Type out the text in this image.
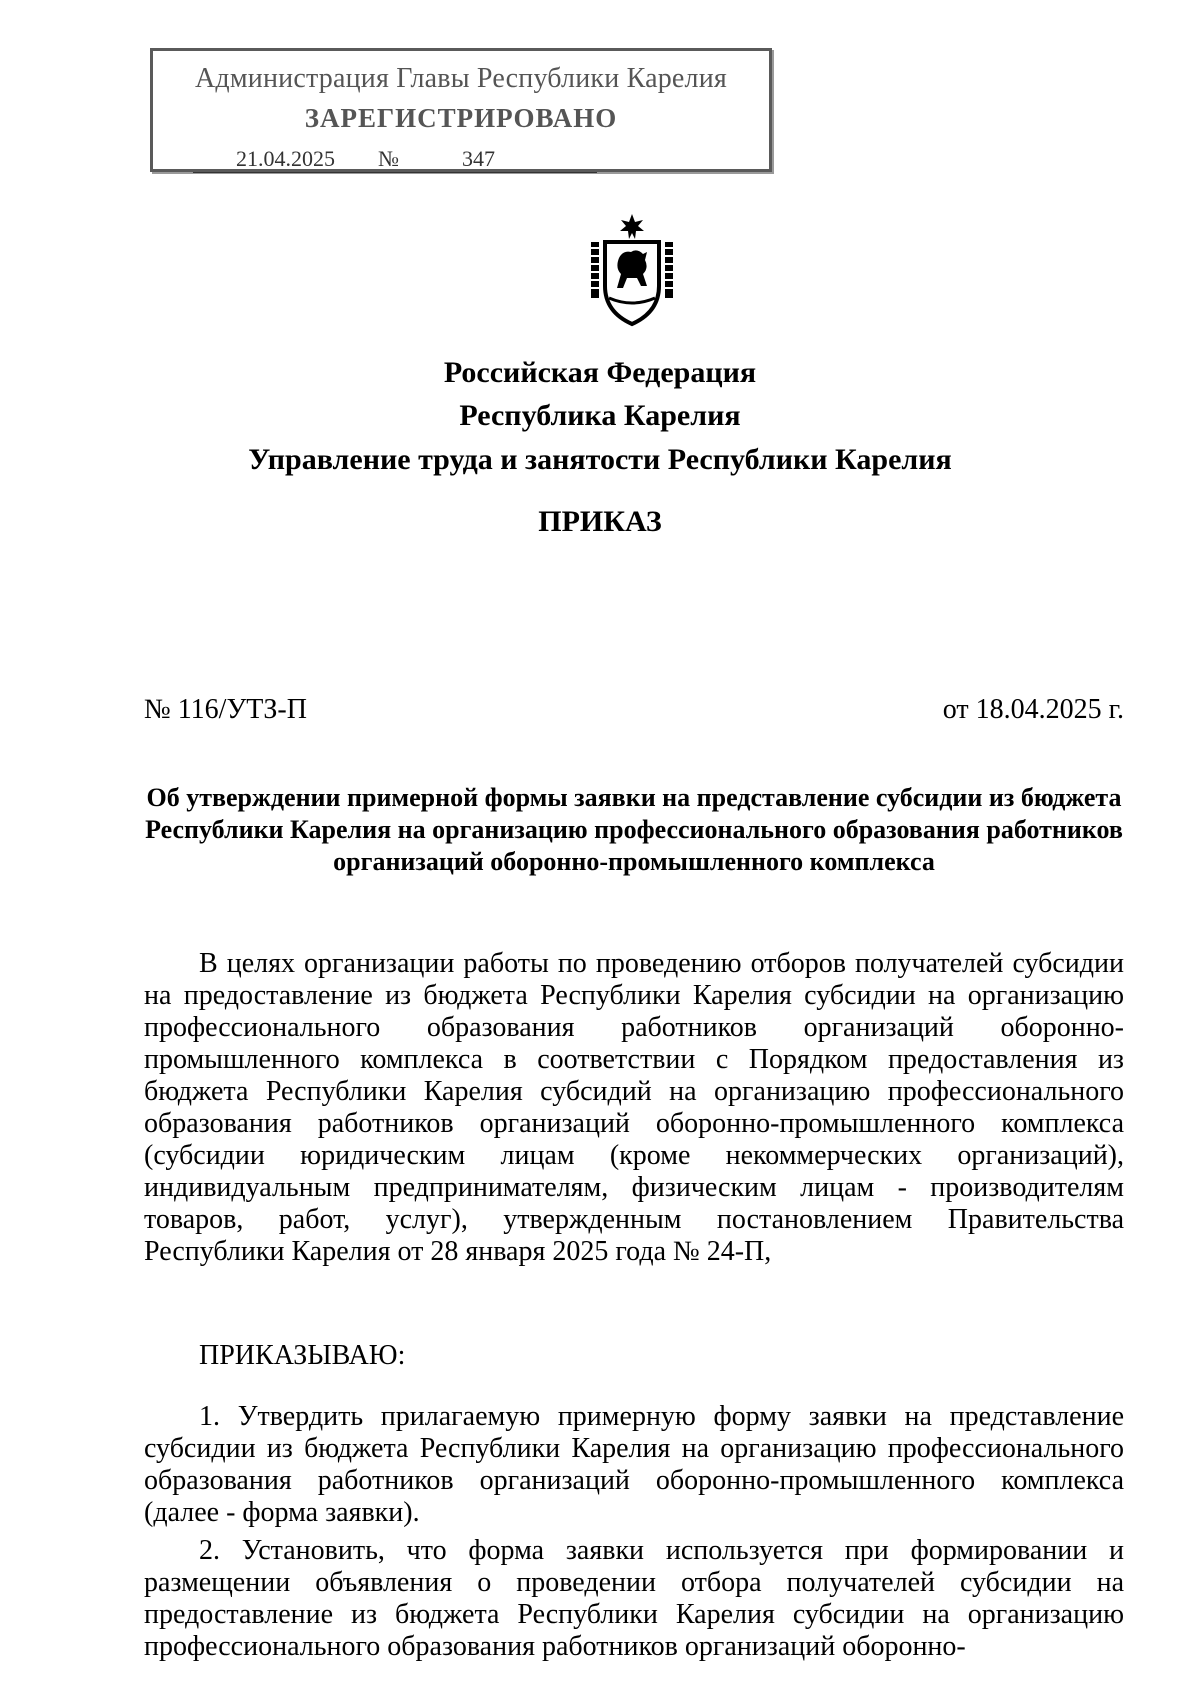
Администрация Главы Республики Карелия
ЗАРЕГИСТРИРОВАНО
21.04.2025 №	347
Российская Федерация
Республика Карелия
Управление труда и занятости Республики Карелия
ПРИКАЗ
№ 116/УТЗ-П	от 18.04.2025 г.
Об утверждении примерной формы заявки на представление субсидии из бюджета Республики Карелия на организацию профессионального образования работников организаций оборонно-промышленного комплекса
В целях организации работы по проведению отборов получателей субсидии на предоставление из бюджета Республики Карелия субсидии на организацию профессионального образования работников организаций оборонно-промышленного комплекса в соответствии с Порядком предоставления из бюджета Республики Карелия субсидий на организацию профессионального образования работников организаций оборонно-промышленного комплекса (субсидии юридическим лицам (кроме некоммерческих организаций), индивидуальным предпринимателям, физическим лицам - производителям товаров, работ, услуг), утвержденным постановлением Правительства Республики Карелия от 28 января 2025 года № 24-П,
ПРИКАЗЫВАЮ:
1. Утвердить прилагаемую примерную форму заявки на представление субсидии из бюджета Республики Карелия на организацию профессионального образования работников организаций оборонно-промышленного комплекса (далее - форма заявки).
2. Установить, что форма заявки используется при формировании и размещении объявления о проведении отбора получателей субсидии на предоставление из бюджета Республики Карелия субсидии на организацию профессионального образования работников организаций оборонно-
